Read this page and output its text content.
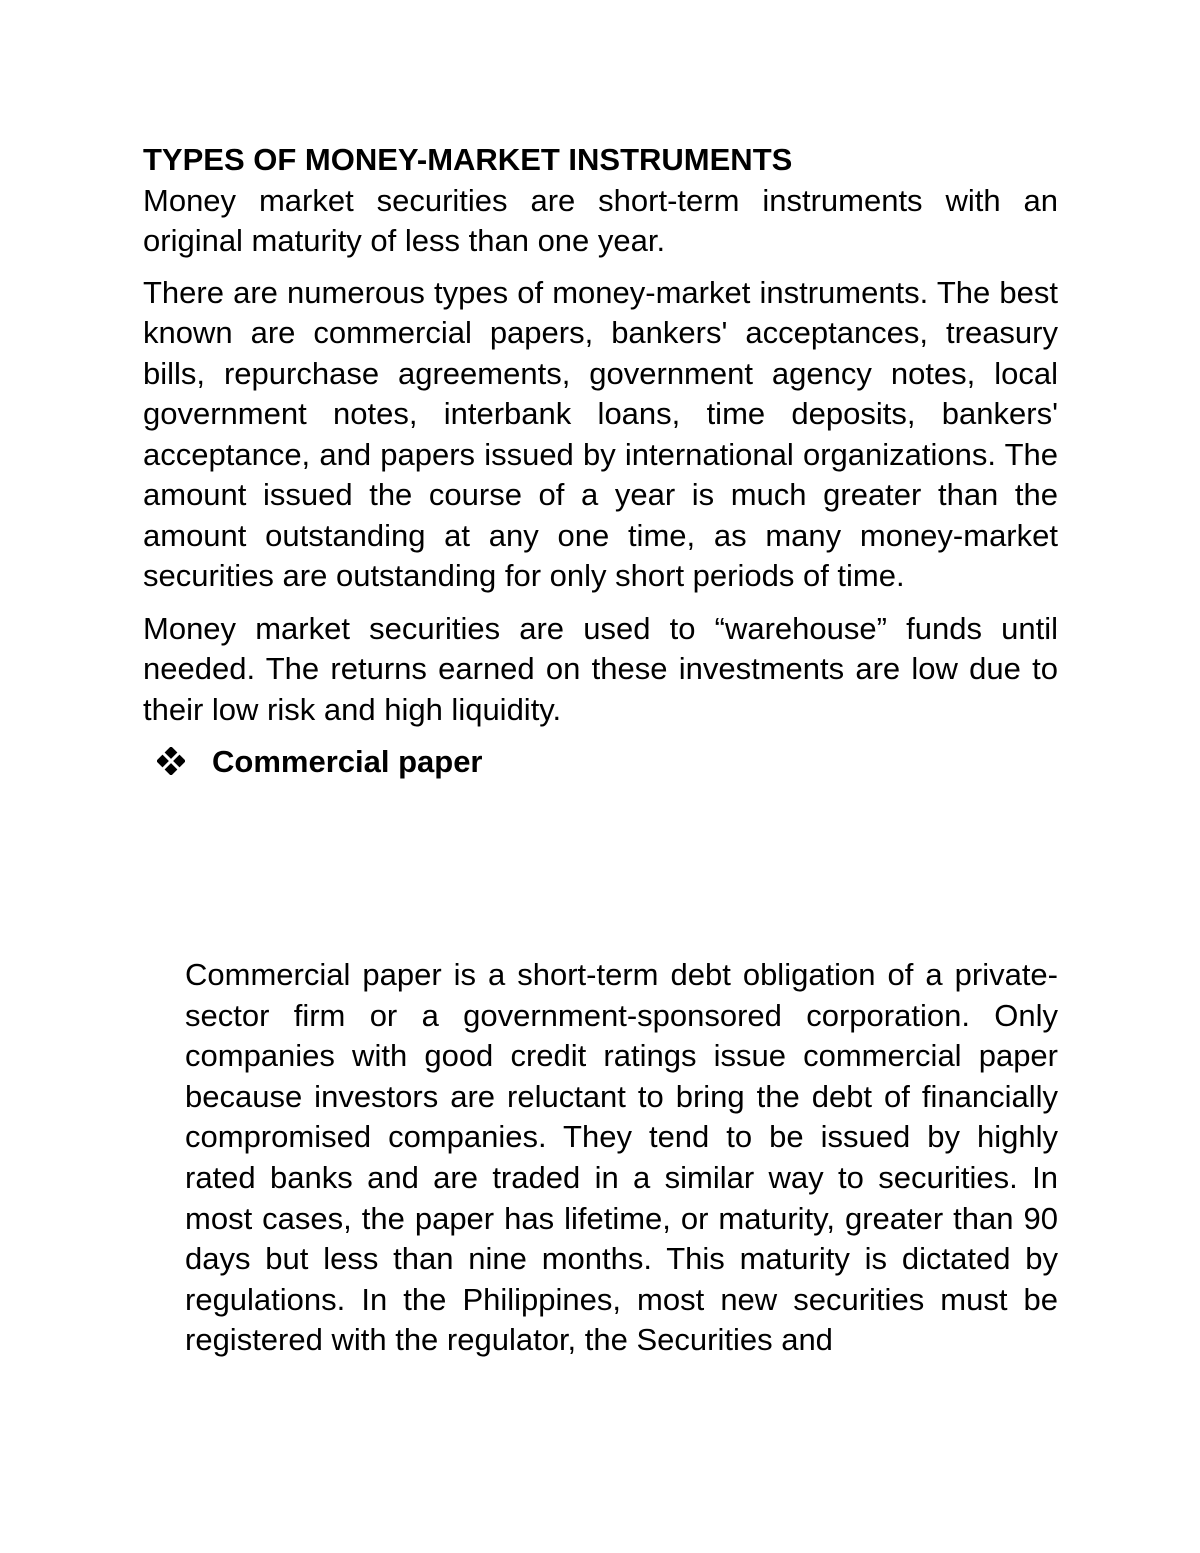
TYPES OF MONEY-MARKET INSTRUMENTS

Money market securities are short-term instruments with an original maturity of less than one year.

There are numerous types of money-market instruments. The best known are commercial papers, bankers' acceptances, treasury bills, repurchase agreements, government agency notes, local government notes, interbank loans, time deposits, bankers' acceptance, and papers issued by international organizations. The amount issued the course of a year is much greater than the amount outstanding at any one time, as many money-market securities are outstanding for only short periods of time.

Money market securities are used to “warehouse” funds until needed. The returns earned on these investments are low due to their low risk and high liquidity.

Commercial paper

Commercial paper is a short-term debt obligation of a private-sector firm or a government-sponsored corporation. Only companies with good credit ratings issue commercial paper because investors are reluctant to bring the debt of financially compromised companies. They tend to be issued by highly rated banks and are traded in a similar way to securities. In most cases, the paper has lifetime, or maturity, greater than 90 days but less than nine months. This maturity is dictated by regulations. In the Philippines, most new securities must be registered with the regulator, the Securities and
